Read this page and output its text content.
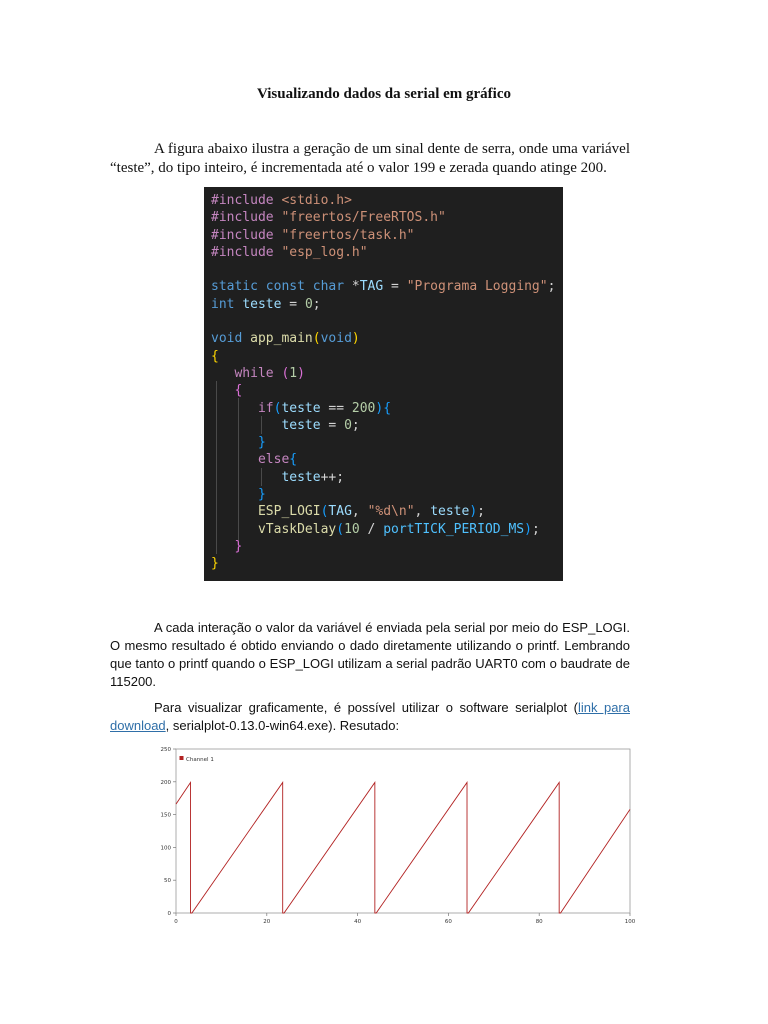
Visualizando dados da serial em gráfico

A figura abaixo ilustra a geração de um sinal dente de serra, onde uma variável “teste”, do tipo inteiro, é incrementada até o valor 199 e zerada quando atinge 200.

#include <stdio.h>
#include "freertos/FreeRTOS.h"
#include "freertos/task.h"
#include "esp_log.h"

static const char *TAG = "Programa Logging";
int teste = 0;

void app_main(void)
{
while (1)
{
if(teste == 200){
teste = 0;
}
else{
teste++;
}
ESP_LOGI(TAG, "%d\n", teste);
vTaskDelay(10 / portTICK_PERIOD_MS);
}
}

A cada interação o valor da variável é enviada pela serial por meio do ESP_LOGI. O mesmo resultado é obtido enviando o dado diretamente utilizando o printf. Lembrando que tanto o printf quando o ESP_LOGI utilizam a serial padrão UART0 com o baudrate de 115200.

Para visualizar graficamente, é possível utilizar o software serialplot (link para download, serialplot-0.13.0-win64.exe). Resutado:

0
50
100
150
200
250
0	20	40	60	80	100
Channel 1
